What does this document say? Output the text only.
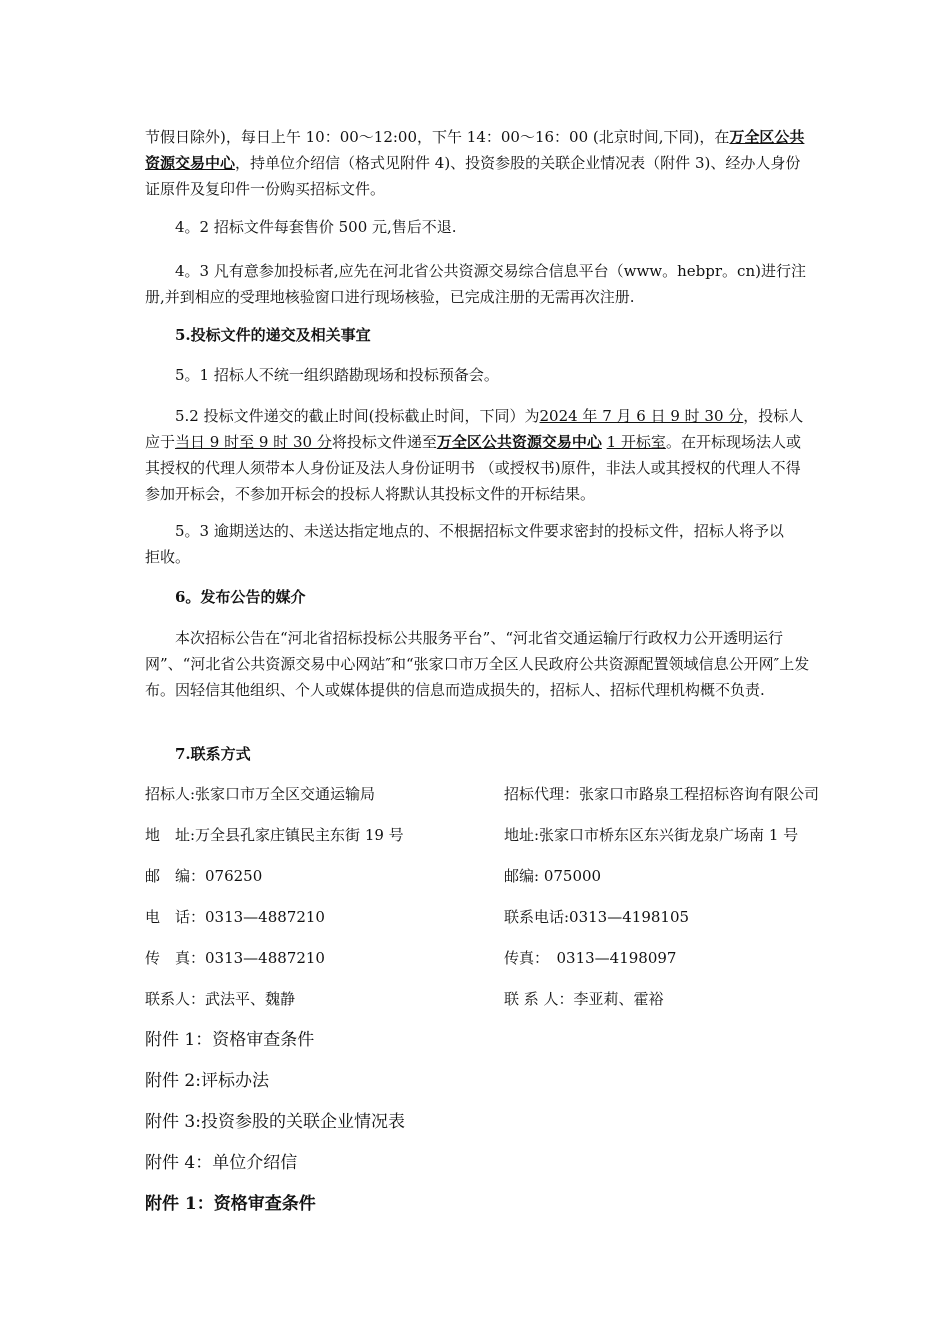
节假日除外)，每日上午 10：00～12:00，下午 14：00～16：00 (北京时间,下同)，在万全区公共资源交易中心，持单位介绍信（格式见附件 4)、投资参股的关联企业情况表（附件 3)、经办人身份证原件及复印件一份购买招标文件。

4。2 招标文件每套售价 500 元,售后不退.

4。3 凡有意参加投标者,应先在河北省公共资源交易综合信息平台（www。hebpr。cn)进行注册,并到相应的受理地核验窗口进行现场核验，已完成注册的无需再次注册.

5.投标文件的递交及相关事宜

5。1 招标人不统一组织踏勘现场和投标预备会。

5.2 投标文件递交的截止时间(投标截止时间，下同）为2024 年 7 月 6 日 9 时 30 分，投标人应于当日 9 时至 9 时 30 分将投标文件递至万全区公共资源交易中心 1 开标室。在开标现场法人或其授权的代理人须带本人身份证及法人身份证明书 （或授权书)原件，非法人或其授权的代理人不得参加开标会，不参加开标会的投标人将默认其投标文件的开标结果。

5。3 逾期送达的、未送达指定地点的、不根据招标文件要求密封的投标文件，招标人将予以拒收。

6。发布公告的媒介

本次招标公告在“河北省招标投标公共服务平台”、“河北省交通运输厅行政权力公开透明运行网”、“河北省公共资源交易中心网站″和“张家口市万全区人民政府公共资源配置领域信息公开网″上发布。因轻信其他组织、个人或媒体提供的信息而造成损失的，招标人、招标代理机构概不负责.

7.联系方式

招标人:张家口市万全区交通运输局	招标代理：张家口市路泉工程招标咨询有限公司
地　址:万全县孔家庄镇民主东街 19 号	地址:张家口市桥东区东兴街龙泉广场南 1 号
邮　编：076250	邮编: 075000
电　话：0313—4887210	联系电话:0313—4198105
传　真：0313—4887210	传真：　0313—4198097
联系人：武法平、魏静	联 系 人：李亚莉、霍裕
附件 1：资格审查条件
附件 2:评标办法
附件 3:投资参股的关联企业情况表
附件 4：单位介绍信
附件 1：资格审查条件
